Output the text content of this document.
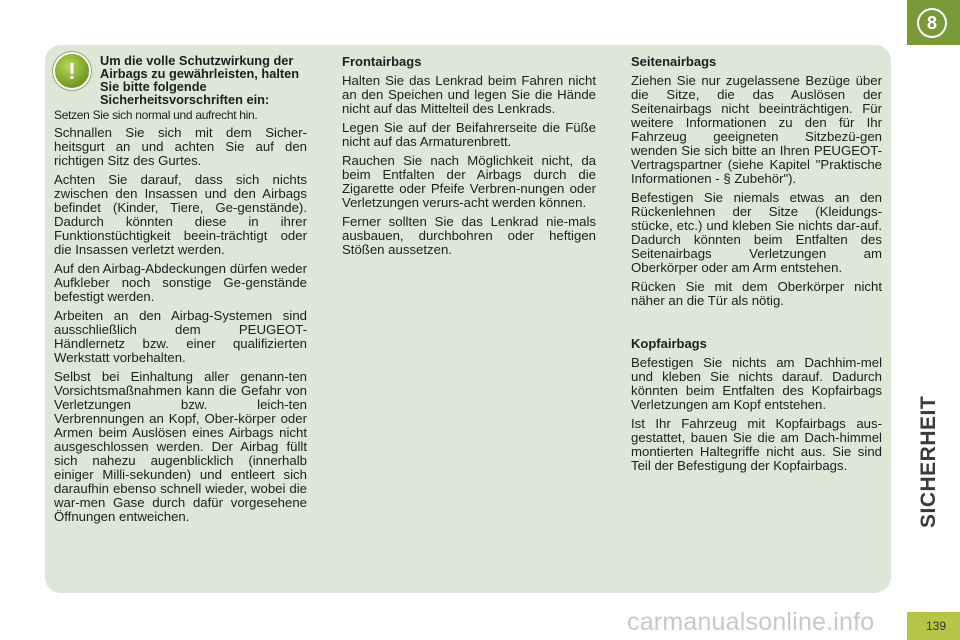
!	Um die volle Schutzwirkung der Airbags zu gewährleisten, halten Sie bitte folgende Sicherheitsvorschriften ein:

Setzen Sie sich normal und aufrecht hin.

Schnallen Sie sich mit dem Sicher-heitsgurt an und achten Sie auf den richtigen Sitz des Gurtes.

Achten Sie darauf, dass sich nichts zwischen den Insassen und den Airbags befindet (Kinder, Tiere, Ge-genstände). Dadurch könnten diese in ihrer Funktionstüchtigkeit beein-trächtigt oder die Insassen verletzt werden.

Auf den Airbag-Abdeckungen dürfen weder Aufkleber noch sonstige Ge-genstände befestigt werden.

Arbeiten an den Airbag-Systemen sind ausschließlich dem PEUGEOT-Händlernetz bzw. einer qualifizierten Werkstatt vorbehalten.

Selbst bei Einhaltung aller genann-ten Vorsichtsmaßnahmen kann die Gefahr von Verletzungen bzw. leich-ten Verbrennungen an Kopf, Ober-körper oder Armen beim Auslösen eines Airbags nicht ausgeschlossen werden. Der Airbag füllt sich nahezu augenblicklich (innerhalb einiger Milli-sekunden) und entleert sich daraufhin ebenso schnell wieder, wobei die war-men Gase durch dafür vorgesehene Öffnungen entweichen.

Frontairbags

Halten Sie das Lenkrad beim Fahren nicht an den Speichen und legen Sie die Hände nicht auf das Mittelteil des Lenkrads.

Legen Sie auf der Beifahrerseite die Füße nicht auf das Armaturenbrett.

Rauchen Sie nach Möglichkeit nicht, da beim Entfalten der Airbags durch die Zigarette oder Pfeife Verbren-nungen oder Verletzungen verurs-acht werden können.

Ferner sollten Sie das Lenkrad nie-mals ausbauen, durchbohren oder heftigen Stößen aussetzen.

Seitenairbags

Ziehen Sie nur zugelassene Bezüge über die Sitze, die das Auslösen der Seitenairbags nicht beeinträchtigen. Für weitere Informationen zu den für Ihr Fahrzeug geeigneten Sitzbezü-gen wenden Sie sich bitte an Ihren PEUGEOT-Vertragspartner (siehe Kapitel "Praktische Informationen - § Zubehör").

Befestigen Sie niemals etwas an den Rückenlehnen der Sitze (Kleidungs-stücke, etc.) und kleben Sie nichts dar-auf. Dadurch könnten beim Entfalten des Seitenairbags Verletzungen am Oberkörper oder am Arm entstehen.

Rücken Sie mit dem Oberkörper nicht näher an die Tür als nötig.

Kopfairbags

Befestigen Sie nichts am Dachhim-mel und kleben Sie nichts darauf. Dadurch könnten beim Entfalten des Kopfairbags Verletzungen am Kopf entstehen.

Ist Ihr Fahrzeug mit Kopfairbags aus-gestattet, bauen Sie die am Dach-himmel montierten Haltegriffe nicht aus. Sie sind Teil der Befestigung der Kopfairbags.

8
SICHERHEIT
139
carmanualsonline.info
